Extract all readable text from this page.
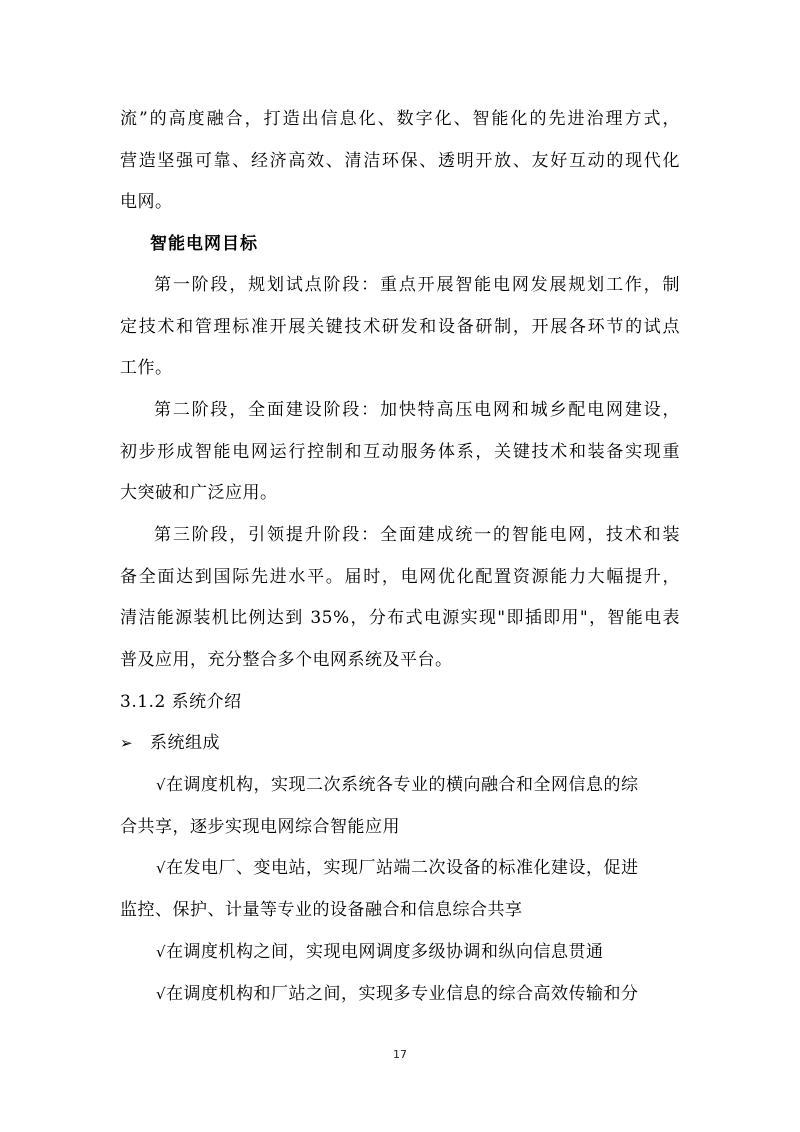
流”的高度融合，打造出信息化、数字化、智能化的先进治理方式，
营造坚强可靠、经济高效、清洁环保、透明开放、友好互动的现代化
电网。
智能电网目标
第一阶段，规划试点阶段：重点开展智能电网发展规划工作，制
定技术和管理标准开展关键技术研发和设备研制，开展各环节的试点
工作。
第二阶段，全面建设阶段：加快特高压电网和城乡配电网建设，
初步形成智能电网运行控制和互动服务体系，关键技术和装备实现重
大突破和广泛应用。
第三阶段，引领提升阶段：全面建成统一的智能电网，技术和装
备全面达到国际先进水平。届时，电网优化配置资源能力大幅提升，
清洁能源装机比例达到 35%，分布式电源实现"即插即用"，智能电表
普及应用，充分整合多个电网系统及平台。
3.1.2 系统介绍
➢ 系统组成
√在调度机构，实现二次系统各专业的横向融合和全网信息的综
合共享，逐步实现电网综合智能应用
√在发电厂、变电站，实现厂站端二次设备的标准化建设，促进
监控、保护、计量等专业的设备融合和信息综合共享
√在调度机构之间，实现电网调度多级协调和纵向信息贯通
√在调度机构和厂站之间，实现多专业信息的综合高效传输和分
17
